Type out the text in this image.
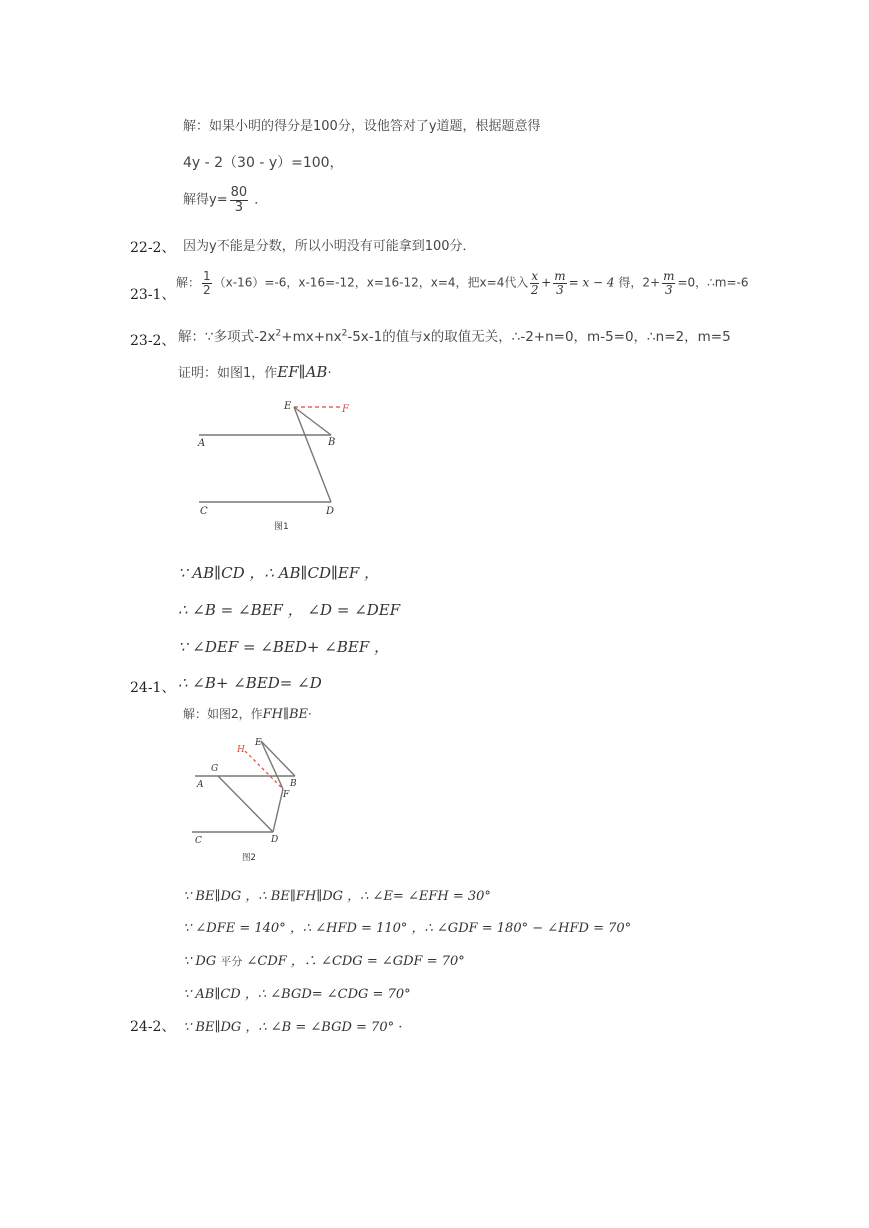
解：如果小明的得分是100分，设他答对了y道题，根据题意得
4y - 2（30 - y）=100，
解得$y= \frac{80}{3}$ ．
22-2、 因为y不能是分数，所以小明没有可能拿到100分．
23-1、
解： $\frac{1}{2} (x-16)=-6$，x-16=-12，x=16-12，x=4，把x=4代入 $\frac{x}{2} + \frac{m}{3} = x - 4$ 得，$2+ \frac{m}{3} =0$，∴m=-6
23-2、 解：∵多项式$-2x^2+mx+nx^2-5x-1$的值与x的取值无关，∴-2+n=0，m-5=0，∴n=2，m=5
证明：如图1，作EF∥AB·
E	F
A	B
C	D
图1
∵ AB∥CD ，∴ AB∥CD∥EF ，
∴ ∠B = ∠BEF ， ∠D = ∠DEF
∵ ∠DEF = ∠BED+ ∠BEF ，
24-1、 ∴ ∠B+ ∠BED= ∠D
解：如图2，作FH∥BE·
E
H
G
A	B
F
C	D
图2
∵ BE∥DG ，∴ BE∥FH∥DG ，∴ ∠E= ∠EFH = 30°
∵ ∠DFE = 140° ，∴ ∠HFD = 110° ，∴ ∠GDF = 180° − ∠HFD = 70°
∵ DG 平分 ∠CDF ，∴ ∠CDG = ∠GDF = 70°
∵ AB∥CD ，∴ ∠BGD= ∠CDG = 70°
24-2、 ∵ BE∥DG ，∴ ∠B = ∠BGD = 70° ·
